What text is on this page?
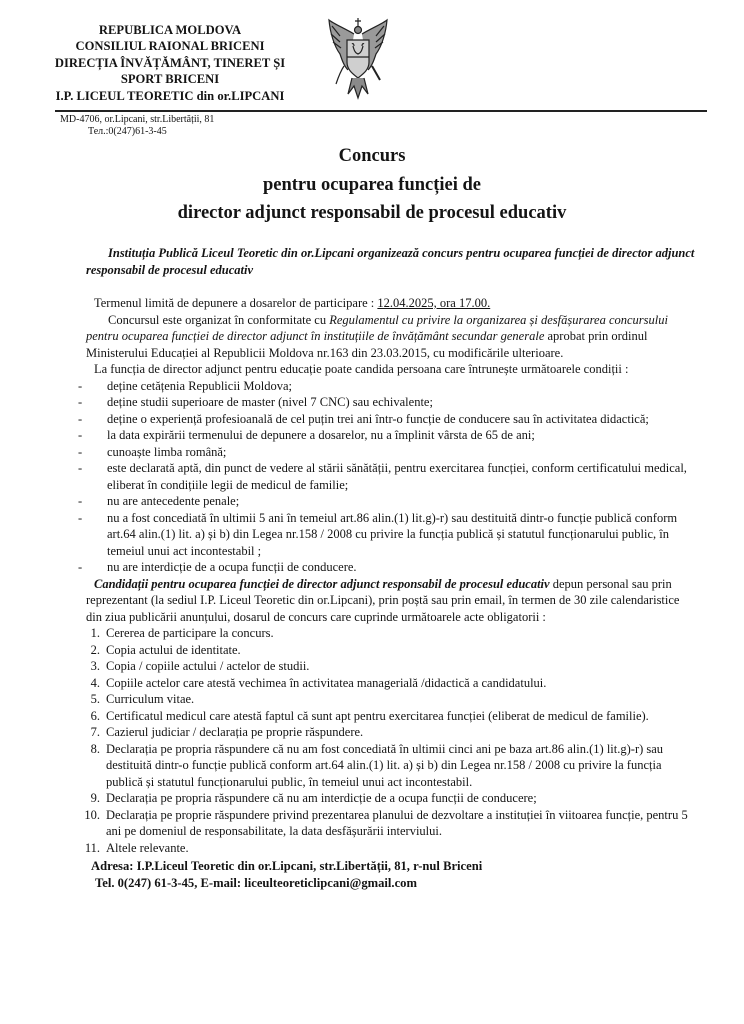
REPUBLICA MOLDOVA
CONSILIUL RAIONAL BRICENI
DIRECȚIA ÎNVĂȚĂMÂNT, TINERET ȘI
SPORT BRICENI
I.P. LICEUL TEORETIC din or.LIPCANI
MD-4706, or.Lipcani, str.Libertății, 81
Тел.:0(247)61-3-45
Concurs
pentru ocuparea funcției de
director adjunct responsabil de procesul educativ
Instituția Publică Liceul Teoretic din or.Lipcani organizează concurs pentru ocuparea funcției de director adjunct responsabil de procesul educativ

Termenul limită de depunere a dosarelor de participare : 12.04.2025, ora 17.00.

Concursul este organizat în conformitate cu Regulamentul cu privire la organizarea și desfășurarea concursului pentru ocuparea funcției de director adjunct în instituțiile de învățământ secundar generale aprobat prin ordinul Ministerului Educației al Republicii Moldova nr.163 din 23.03.2015, cu modificările ulterioare.

La funcția de director adjunct pentru educație poate candida persoana care întrunește următoarele condiții :

- deține cetățenia Republicii Moldova;
- deține studii superioare de master (nivel 7 CNC) sau echivalente;
- deține o experiență profesioanală de cel puțin trei ani într-o funcție de conducere sau în activitatea didactică;
- la data expirării termenului de depunere a dosarelor, nu a împlinit vârsta de 65 de ani;
- cunoaște limba română;
- este declarată aptă, din punct de vedere al stării sănătății, pentru exercitarea funcției, conform certificatului medical, eliberat în condițiile legii de medicul de familie;
- nu are antecedente penale;
- nu a fost concediată în ultimii 5 ani în temeiul art.86 alin.(1) lit.g)-r) sau destituită dintr-o funcție publică conform art.64 alin.(1) lit. a) și b) din Legea nr.158 / 2008 cu privire la funcția publică și statutul funcționarului public, în temeiul unui act incontestabil ;
- nu are interdicție de a ocupa funcții de conducere.

Candidații pentru ocuparea funcției de director adjunct responsabil de procesul educativ depun personal sau prin reprezentant (la sediul I.P. Liceul Teoretic din or.Lipcani), prin poștă sau prin email, în termen de 30 zile calendaristice din ziua publicării anunțului, dosarul de concurs care cuprinde următoarele acte obligatorii :

1. Cererea de participare la concurs.
2. Copia actului de identitate.
3. Copia / copiile actului / actelor de studii.
4. Copiile actelor care atestă vechimea în activitatea managerială /didactică a candidatului.
5. Curriculum vitae.
6. Certificatul medicul care atestă faptul că sunt apt pentru exercitarea funcției (eliberat de medicul de familie).
7. Cazierul judiciar / declarația pe proprie răspundere.
8. Declarația pe propria răspundere că nu am fost concediată în ultimii cinci ani pe baza art.86 alin.(1) lit.g)-r) sau destituită dintr-o funcție publică conform art.64 alin.(1) lit. a) și b) din Legea nr.158 / 2008 cu privire la funcția publică și statutul funcționarului public, în temeiul unui act incontestabil.
9. Declarația pe propria răspundere că nu am interdicție de a ocupa funcții de conducere;
10. Declarația pe proprie răspundere privind prezentarea planului de dezvoltare a instituției în viitoarea funcție, pentru 5 ani pe domeniul de responsabilitate, la data desfășurării interviului.
11. Altele relevante.
Adresa: I.P.Liceul Teoretic din or.Lipcani, str.Libertății, 81, r-nul Briceni
Tel. 0(247) 61-3-45, E-mail: liceulteoreticlipcani@gmail.com
